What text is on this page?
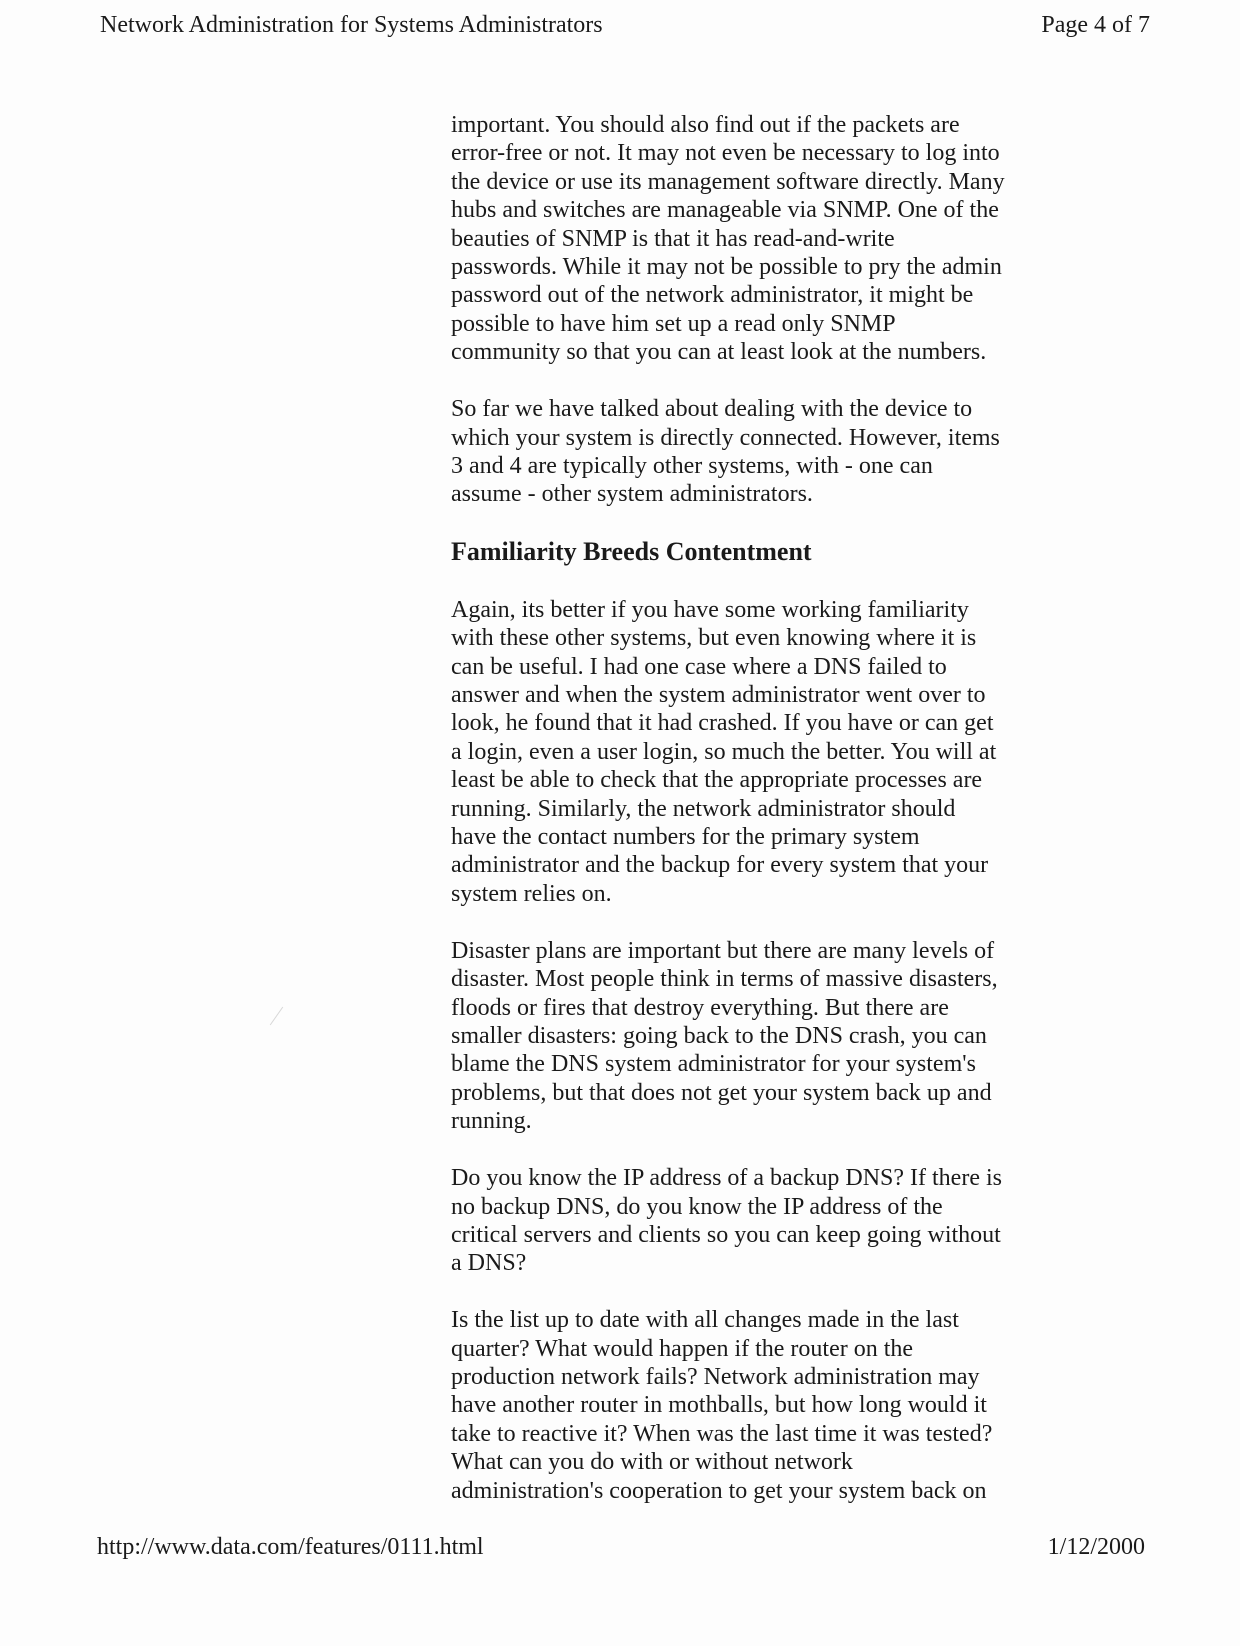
Network Administration for Systems Administrators	Page 4 of 7

important. You should also find out if the packets are
error-free or not. It may not even be necessary to log into
the device or use its management software directly. Many
hubs and switches are manageable via SNMP. One of the
beauties of SNMP is that it has read-and-write
passwords. While it may not be possible to pry the admin
password out of the network administrator, it might be
possible to have him set up a read only SNMP
community so that you can at least look at the numbers.

So far we have talked about dealing with the device to
which your system is directly connected. However, items
3 and 4 are typically other systems, with - one can
assume - other system administrators.

Familiarity Breeds Contentment

Again, its better if you have some working familiarity
with these other systems, but even knowing where it is
can be useful. I had one case where a DNS failed to
answer and when the system administrator went over to
look, he found that it had crashed. If you have or can get
a login, even a user login, so much the better. You will at
least be able to check that the appropriate processes are
running. Similarly, the network administrator should
have the contact numbers for the primary system
administrator and the backup for every system that your
system relies on.

Disaster plans are important but there are many levels of
disaster. Most people think in terms of massive disasters,
floods or fires that destroy everything. But there are
smaller disasters: going back to the DNS crash, you can
blame the DNS system administrator for your system's
problems, but that does not get your system back up and
running.

Do you know the IP address of a backup DNS? If there is
no backup DNS, do you know the IP address of the
critical servers and clients so you can keep going without
a DNS?

Is the list up to date with all changes made in the last
quarter? What would happen if the router on the
production network fails? Network administration may
have another router in mothballs, but how long would it
take to reactive it? When was the last time it was tested?
What can you do with or without network
administration's cooperation to get your system back on

http://www.data.com/features/0111.html	1/12/2000
